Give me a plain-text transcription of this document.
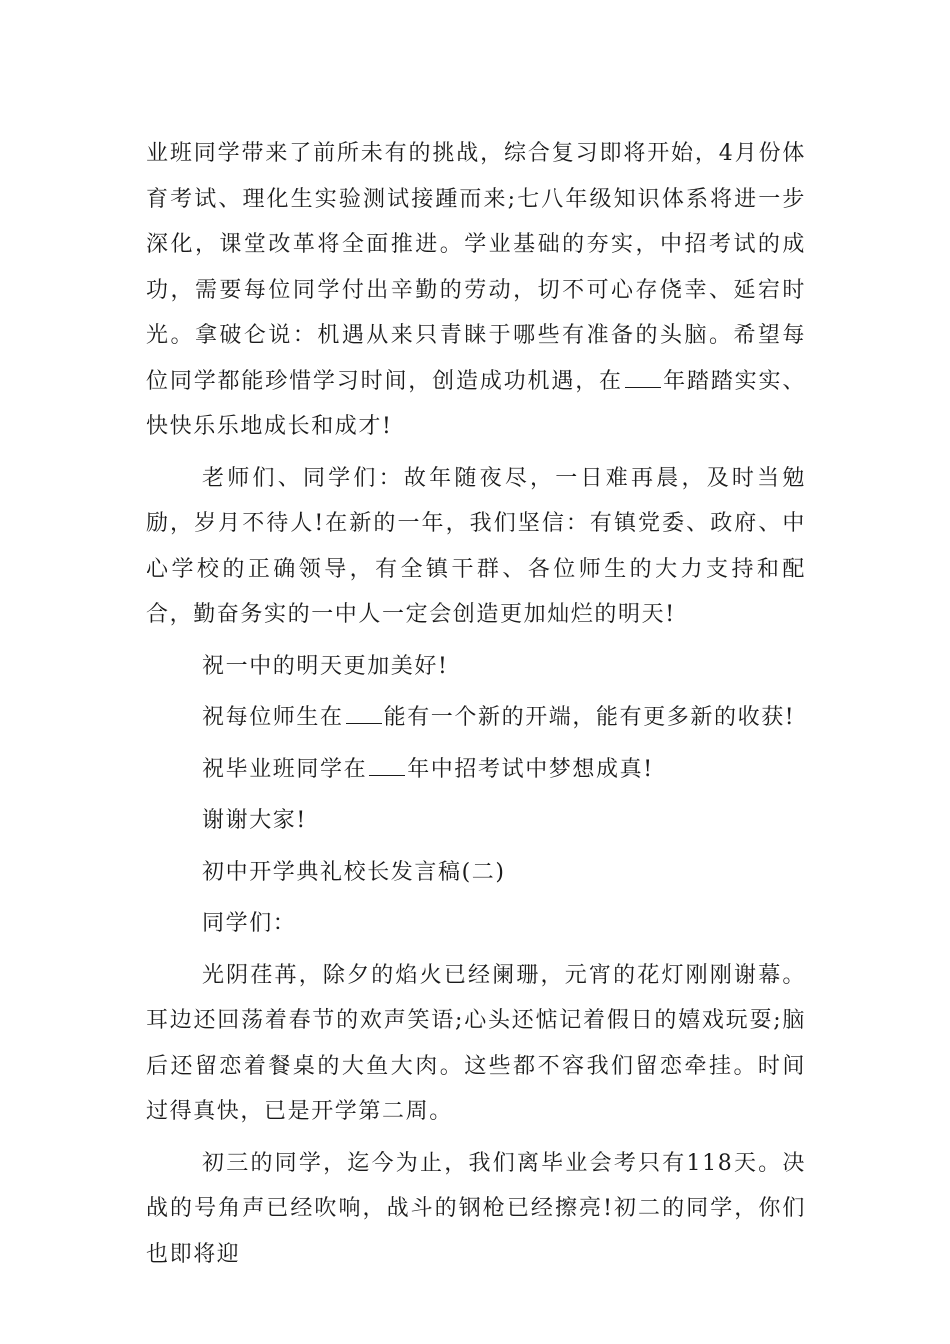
业班同学带来了前所未有的挑战，综合复习即将开始，4月份体育考试、理化生实验测试接踵而来;七八年级知识体系将进一步深化，课堂改革将全面推进。学业基础的夯实，中招考试的成功，需要每位同学付出辛勤的劳动，切不可心存侥幸、延宕时光。拿破仑说：机遇从来只青睐于哪些有准备的头脑。希望每位同学都能珍惜学习时间，创造成功机遇，在 年踏踏实实、快快乐乐地成长和成才!

老师们、同学们：故年随夜尽，一日难再晨，及时当勉励，岁月不待人!在新的一年，我们坚信：有镇党委、政府、中心学校的正确领导，有全镇干群、各位师生的大力支持和配合，勤奋务实的一中人一定会创造更加灿烂的明天!

祝一中的明天更加美好!

祝每位师生在 能有一个新的开端，能有更多新的收获!

祝毕业班同学在 年中招考试中梦想成真!

谢谢大家!

初中开学典礼校长发言稿(二)

同学们：

光阴荏苒，除夕的焰火已经阑珊，元宵的花灯刚刚谢幕。耳边还回荡着春节的欢声笑语;心头还惦记着假日的嬉戏玩耍;脑后还留恋着餐桌的大鱼大肉。这些都不容我们留恋牵挂。时间过得真快，已是开学第二周。

初三的同学，迄今为止，我们离毕业会考只有118天。决战的号角声已经吹响，战斗的钢枪已经擦亮!初二的同学，你们也即将迎
